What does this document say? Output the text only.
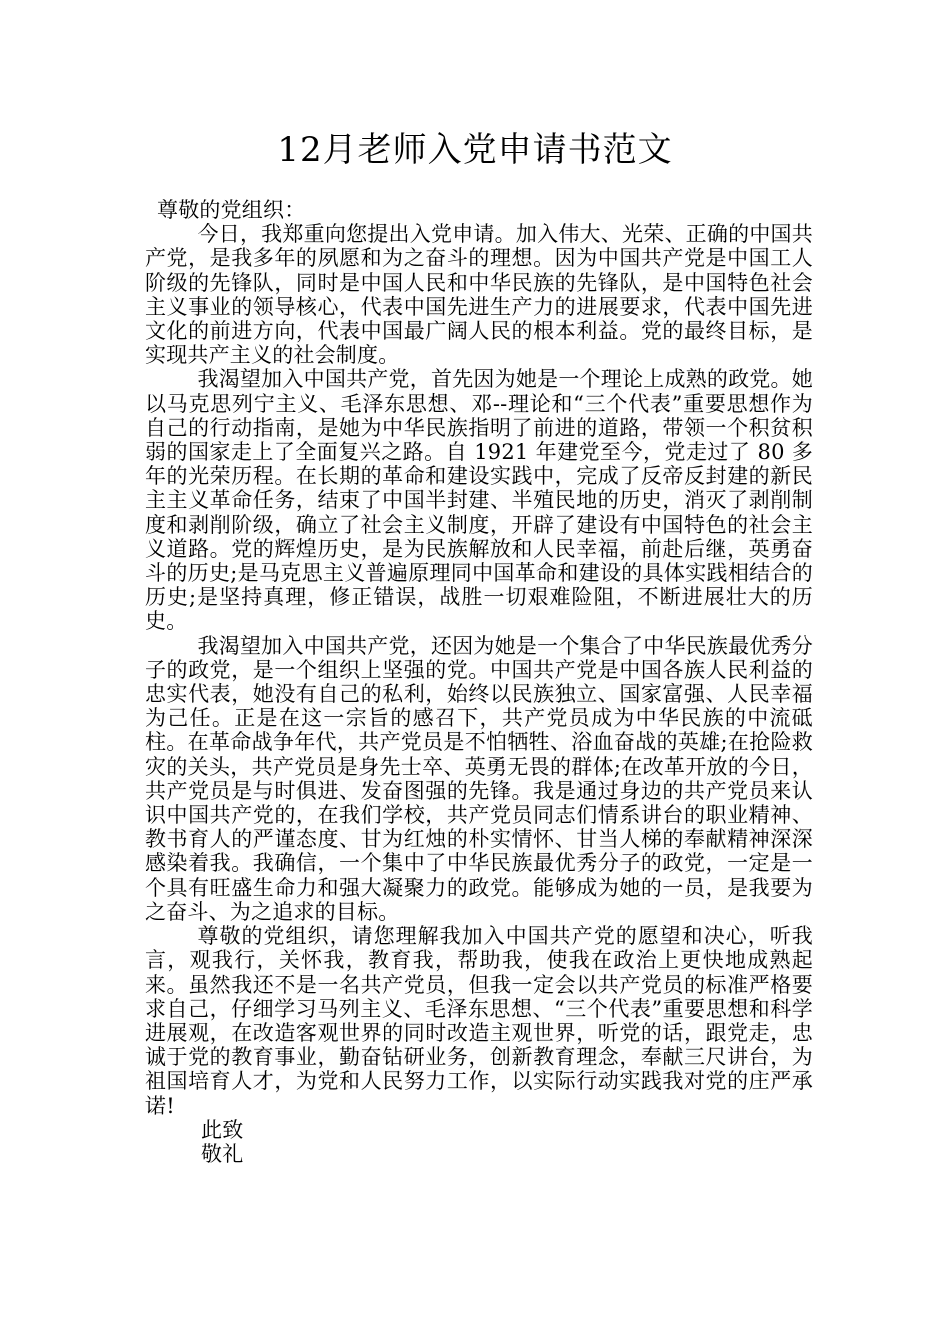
12月老师入党申请书范文

尊敬的党组织：

今日，我郑重向您提出入党申请。加入伟大、光荣、正确的中国共产党，是我多年的夙愿和为之奋斗的理想。因为中国共产党是中国工人阶级的先锋队，同时是中国人民和中华民族的先锋队，是中国特色社会主义事业的领导核心，代表中国先进生产力的进展要求，代表中国先进文化的前进方向，代表中国最广阔人民的根本利益。党的最终目标，是实现共产主义的社会制度。

我渴望加入中国共产党，首先因为她是一个理论上成熟的政党。她以马克思列宁主义、毛泽东思想、邓--理论和“三个代表”重要思想作为自己的行动指南，是她为中华民族指明了前进的道路，带领一个积贫积弱的国家走上了全面复兴之路。自 1921 年建党至今，党走过了 80 多年的光荣历程。在长期的革命和建设实践中，完成了反帝反封建的新民主主义革命任务，结束了中国半封建、半殖民地的历史，消灭了剥削制度和剥削阶级，确立了社会主义制度，开辟了建设有中国特色的社会主义道路。党的辉煌历史，是为民族解放和人民幸福，前赴后继，英勇奋斗的历史;是马克思主义普遍原理同中国革命和建设的具体实践相结合的历史;是坚持真理，修正错误，战胜一切艰难险阻，不断进展壮大的历史。

我渴望加入中国共产党，还因为她是一个集合了中华民族最优秀分子的政党，是一个组织上坚强的党。中国共产党是中国各族人民利益的忠实代表，她没有自己的私利，始终以民族独立、国家富强、人民幸福为己任。正是在这一宗旨的感召下，共产党员成为中华民族的中流砥柱。在革命战争年代，共产党员是不怕牺牲、浴血奋战的英雄;在抢险救灾的关头，共产党员是身先士卒、英勇无畏的群体;在改革开放的今日，共产党员是与时俱进、发奋图强的先锋。我是通过身边的共产党员来认识中国共产党的，在我们学校，共产党员同志们情系讲台的职业精神、教书育人的严谨态度、甘为红烛的朴实情怀、甘当人梯的奉献精神深深感染着我。我确信，一个集中了中华民族最优秀分子的政党，一定是一个具有旺盛生命力和强大凝聚力的政党。能够成为她的一员，是我要为之奋斗、为之追求的目标。

尊敬的党组织，请您理解我加入中国共产党的愿望和决心，听我言，观我行，关怀我，教育我，帮助我，使我在政治上更快地成熟起来。虽然我还不是一名共产党员，但我一定会以共产党员的标准严格要求自己，仔细学习马列主义、毛泽东思想、“三个代表”重要思想和科学进展观，在改造客观世界的同时改造主观世界，听党的话，跟党走，忠诚于党的教育事业，勤奋钻研业务，创新教育理念，奉献三尺讲台，为祖国培育人才，为党和人民努力工作，以实际行动实践我对党的庄严承诺!

此致

敬礼
